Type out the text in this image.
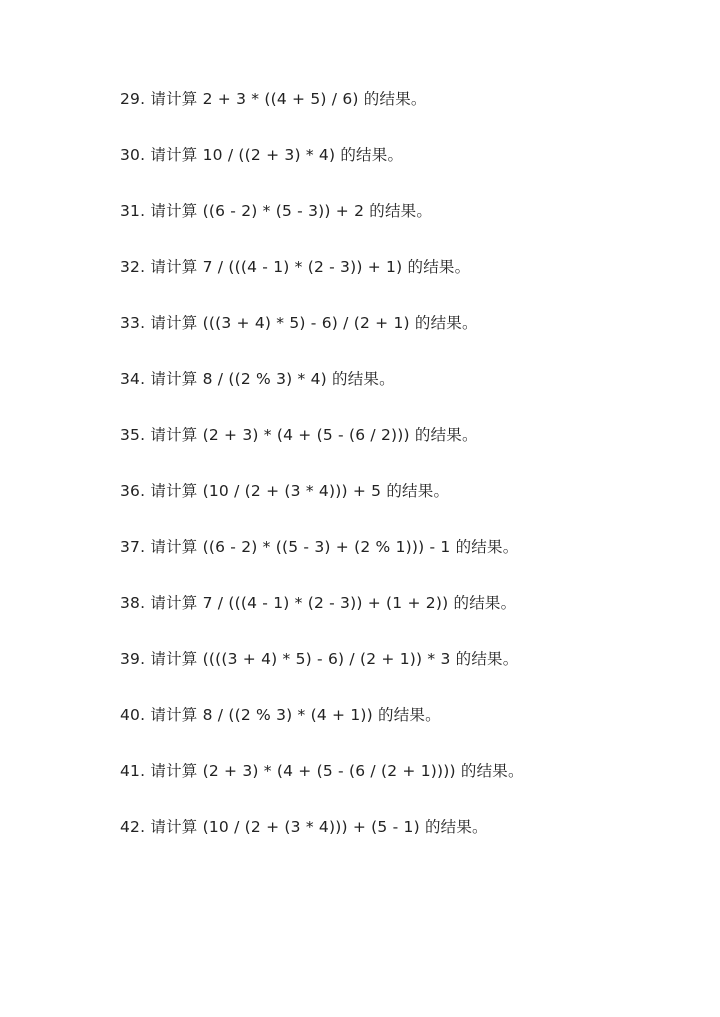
29. 请计算 2 + 3 * ((4 + 5) / 6) 的结果。
30. 请计算 10 / ((2 + 3) * 4) 的结果。
31. 请计算 ((6 - 2) * (5 - 3)) + 2 的结果。
32. 请计算 7 / (((4 - 1) * (2 - 3)) + 1) 的结果。
33. 请计算 (((3 + 4) * 5) - 6) / (2 + 1) 的结果。
34. 请计算 8 / ((2 % 3) * 4) 的结果。
35. 请计算 (2 + 3) * (4 + (5 - (6 / 2))) 的结果。
36. 请计算 (10 / (2 + (3 * 4))) + 5 的结果。
37. 请计算 ((6 - 2) * ((5 - 3) + (2 % 1))) - 1 的结果。
38. 请计算 7 / (((4 - 1) * (2 - 3)) + (1 + 2)) 的结果。
39. 请计算 ((((3 + 4) * 5) - 6) / (2 + 1)) * 3 的结果。
40. 请计算 8 / ((2 % 3) * (4 + 1)) 的结果。
41. 请计算 (2 + 3) * (4 + (5 - (6 / (2 + 1)))) 的结果。
42. 请计算 (10 / (2 + (3 * 4))) + (5 - 1) 的结果。
